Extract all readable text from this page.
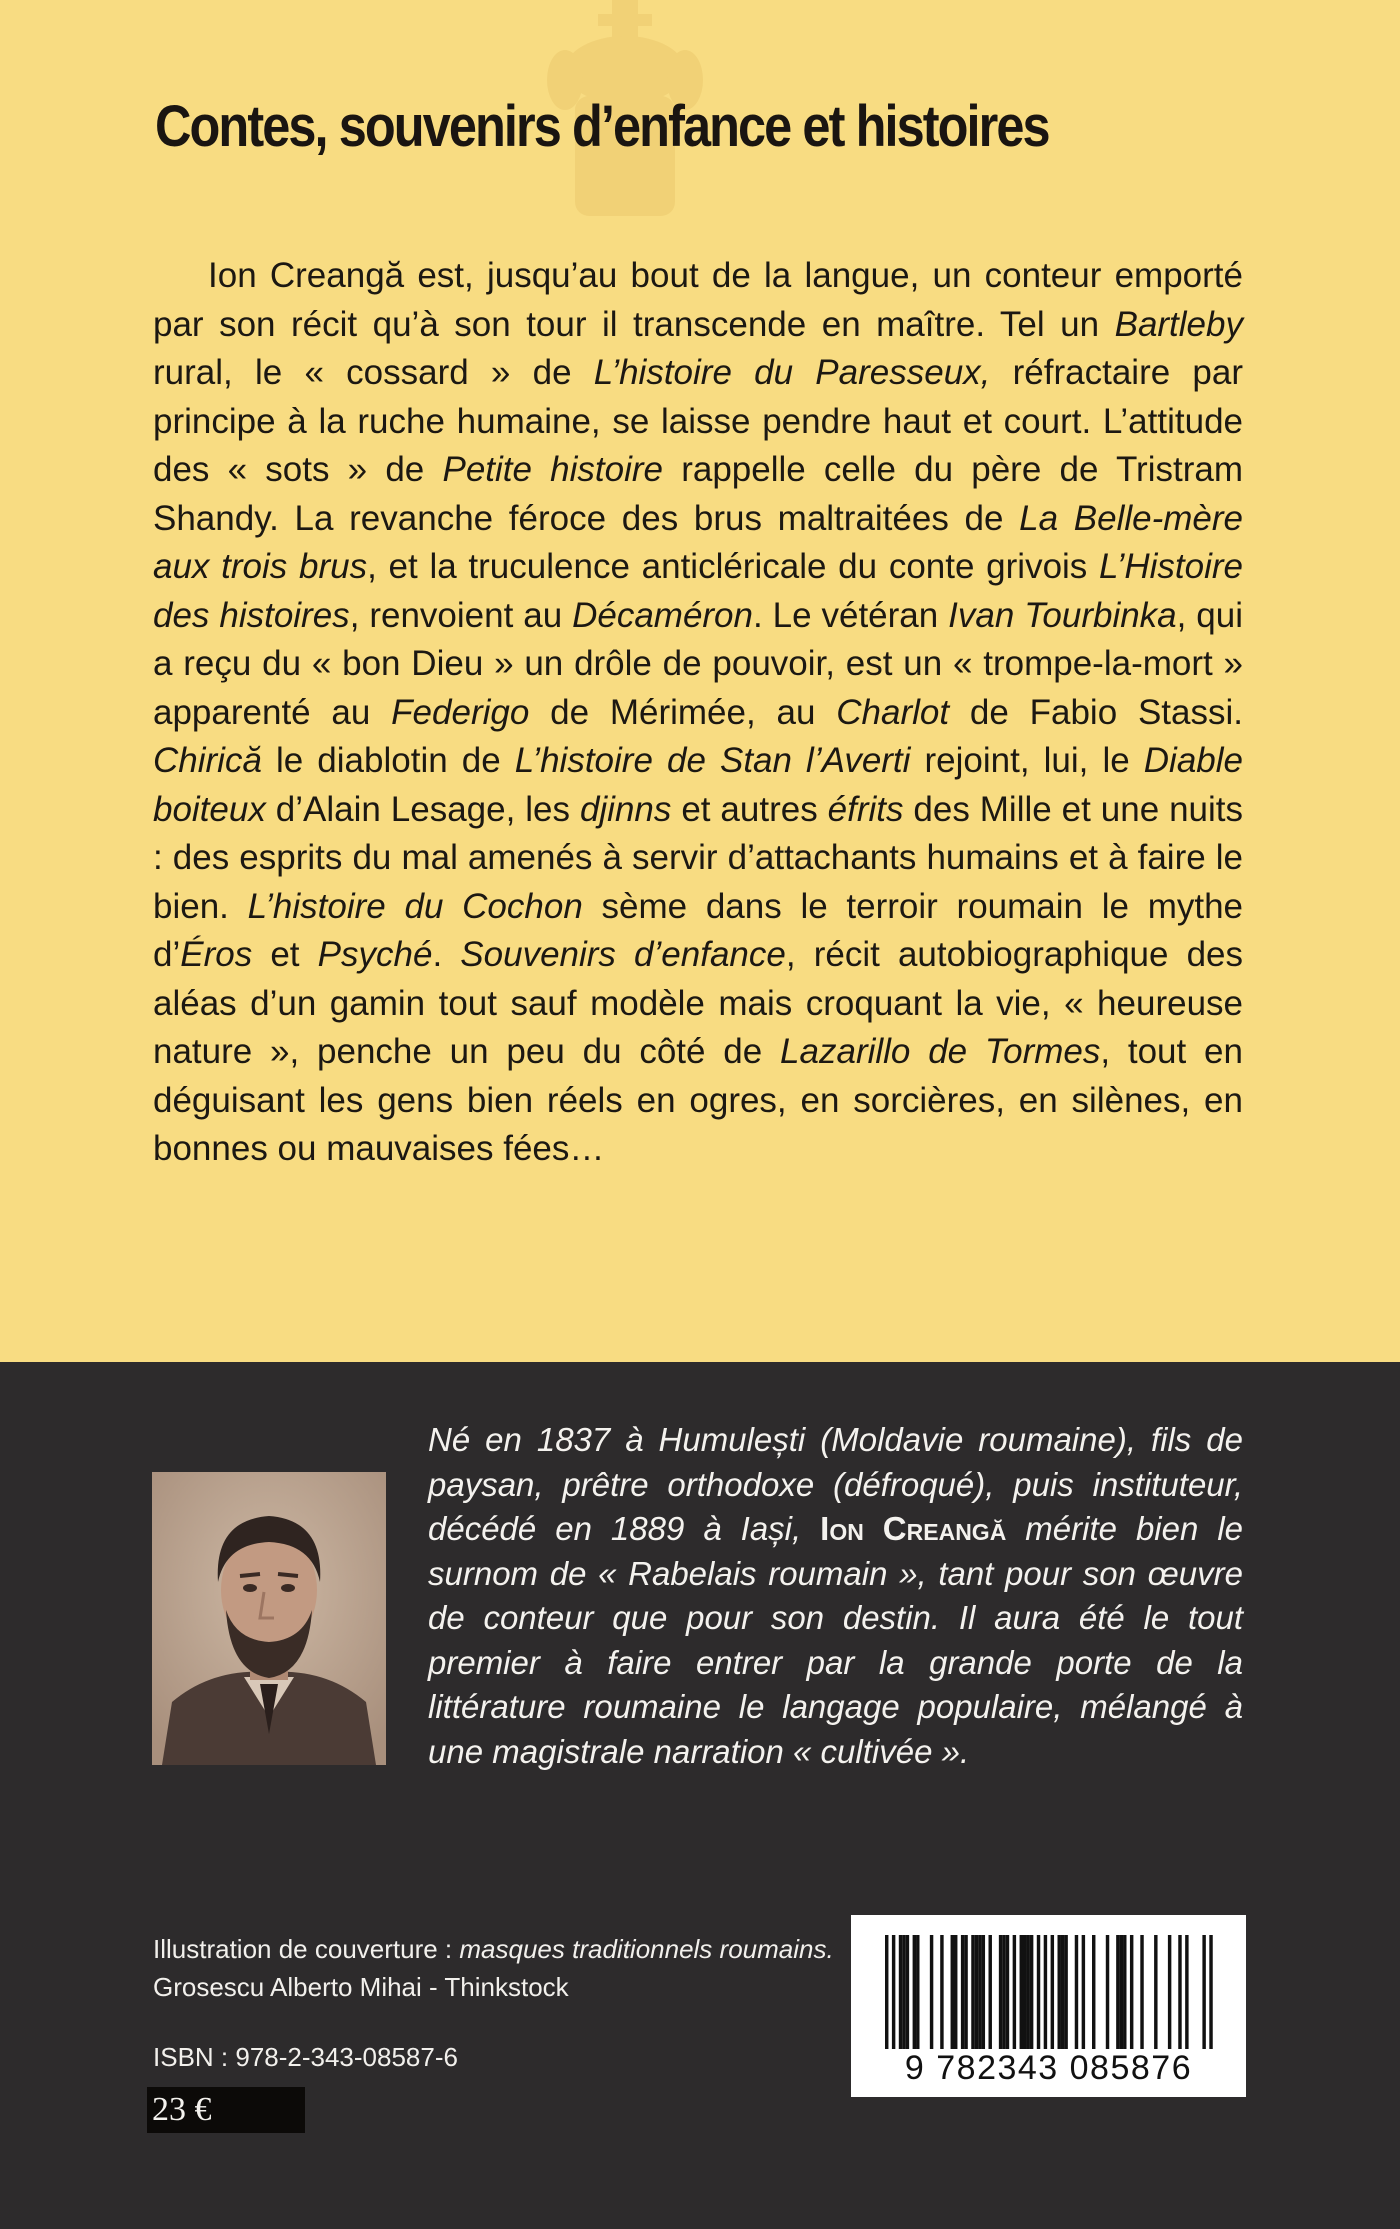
Contes, souvenirs d’enfance et histoires

Ion Creangă est, jusqu’au bout de la langue, un conteur emporté par son récit qu’à son tour il transcende en maître. Tel un Bartleby rural, le « cossard » de L’histoire du Paresseux, réfractaire par principe à la ruche humaine, se laisse pendre haut et court. L’attitude des « sots » de Petite histoire rappelle celle du père de Tristram Shandy. La revanche féroce des brus maltraitées de La Belle-mère aux trois brus, et la truculence anticléricale du conte grivois L’Histoire des histoires, renvoient au Décaméron. Le vétéran Ivan Tourbinka, qui a reçu du « bon Dieu » un drôle de pouvoir, est un « trompe-la-mort » apparenté au Federigo de Mérimée, au Charlot de Fabio Stassi. Chirică le diablotin de L’histoire de Stan l’Averti rejoint, lui, le Diable boiteux d’Alain Lesage, les djinns et autres éfrits des Mille et une nuits : des esprits du mal amenés à servir d’attachants humains et à faire le bien. L’histoire du Cochon sème dans le terroir roumain le mythe d’Éros et Psyché. Souvenirs d’enfance, récit autobiographique des aléas d’un gamin tout sauf modèle mais croquant la vie, « heureuse nature », penche un peu du côté de Lazarillo de Tormes, tout en déguisant les gens bien réels en ogres, en sorcières, en silènes, en bonnes ou mauvaises fées…

Né en 1837 à Humulești (Moldavie roumaine), fils de paysan, prêtre orthodoxe (défroqué), puis instituteur, décédé en 1889 à Iași, Ion Creangă mérite bien le surnom de « Rabelais roumain », tant pour son œuvre de conteur que pour son destin. Il aura été le tout premier à faire entrer par la grande porte de la littérature roumaine le langage populaire, mélangé à une magistrale narration « cultivée ».

Illustration de couverture : masques traditionnels roumains. Grosescu Alberto Mihai - Thinkstock

ISBN : 978-2-343-08587-6

23 €
9 782343 085876
